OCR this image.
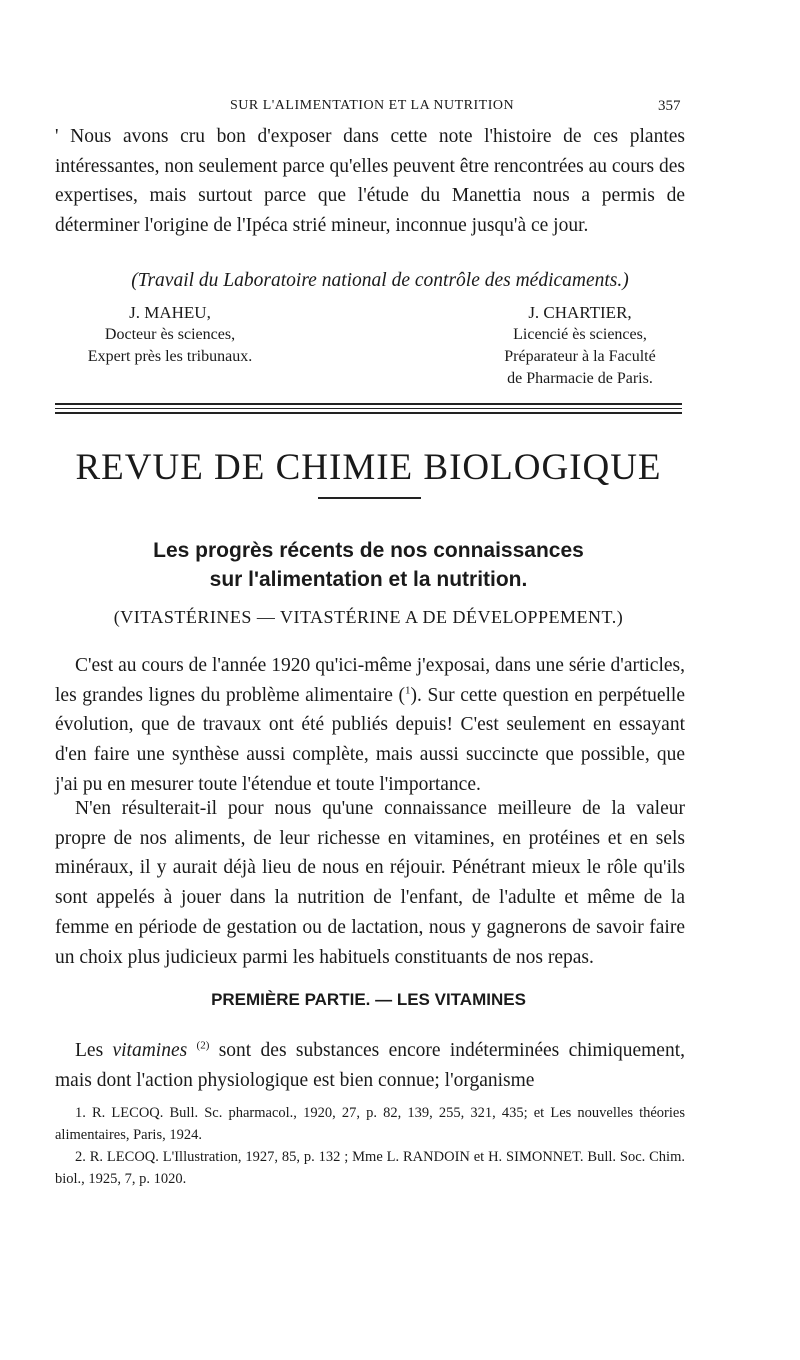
SUR L'ALIMENTATION ET LA NUTRITION	357
' Nous avons cru bon d'exposer dans cette note l'histoire de ces plantes intéressantes, non seulement parce qu'elles peuvent être rencontrées au cours des expertises, mais surtout parce que l'étude du Manettia nous a permis de déterminer l'origine de l'Ipéca strié mineur, inconnue jusqu'à ce jour.
(Travail du Laboratoire national de contrôle des médicaments.)
J. MAHEU,
Docteur ès sciences,
Expert près les tribunaux.
J. CHARTIER,
Licencié ès sciences,
Préparateur à la Faculté
de Pharmacie de Paris.
REVUE DE CHIMIE BIOLOGIQUE
Les progrès récents de nos connaissances
sur l'alimentation et la nutrition.
(VITASTÉRINES — VITASTÉRINE A DE DÉVELOPPEMENT.)
C'est au cours de l'année 1920 qu'ici-même j'exposai, dans une série d'articles, les grandes lignes du problème alimentaire ($^1$). Sur cette question en perpétuelle évolution, que de travaux ont été publiés depuis! C'est seulement en essayant d'en faire une synthèse aussi complète, mais aussi succincte que possible, que j'ai pu en mesurer toute l'étendue et toute l'importance.
N'en résulterait-il pour nous qu'une connaissance meilleure de la valeur propre de nos aliments, de leur richesse en vitamines, en protéines et en sels minéraux, il y aurait déjà lieu de nous en réjouir. Pénétrant mieux le rôle qu'ils sont appelés à jouer dans la nutrition de l'enfant, de l'adulte et même de la femme en période de gestation ou de lactation, nous y gagnerons de savoir faire un choix plus judicieux parmi les habituels constituants de nos repas.
PREMIÈRE PARTIE. — LES VITAMINES
Les vitamines $^{(2)}$ sont des substances encore indéterminées chimiquement, mais dont l'action physiologique est bien connue; l'organisme
1. R. LECOQ. Bull. Sc. pharmacol., 1920, 27, p. 82, 139, 255, 321, 435; et Les nouvelles théories alimentaires, Paris, 1924.
2. R. LECOQ. L'Illustration, 1927, 85, p. 132 ; Mme L. RANDOIN et H. SIMONNET. Bull. Soc. Chim. biol., 1925, 7, p. 1020.
